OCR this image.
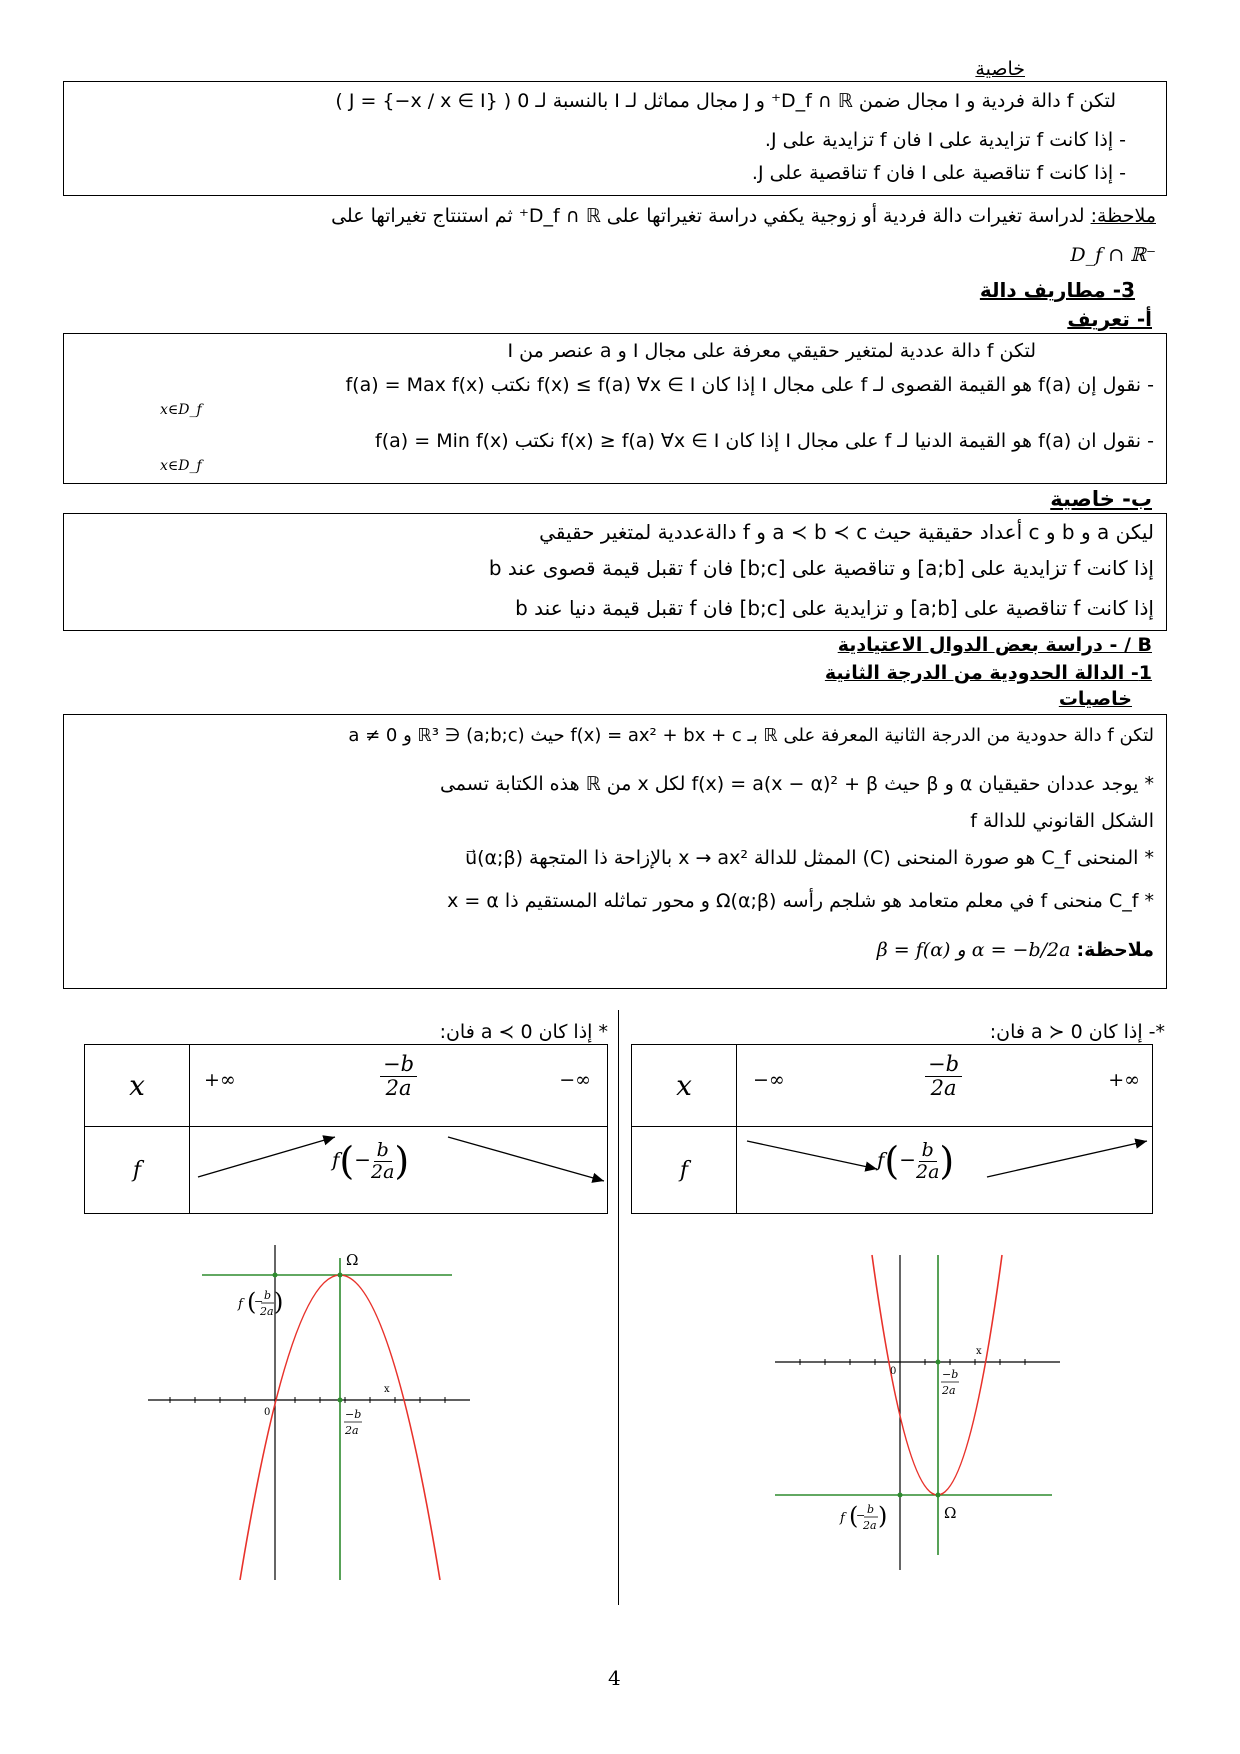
خاصية
لتكن f دالة فردية و I مجال ضمن D_f ∩ ℝ⁺ و J مجال مماثل لـ I بالنسبة لـ 0 ( J = {−x / x ∈ I} )
- إذا كانت f تزايدية على I فان f تزايدية على J.
- إذا كانت f تناقصية على I فان f تناقصية على J.
ملاحظة: لدراسة تغيرات دالة فردية أو زوجية يكفي دراسة تغيراتها على D_f ∩ ℝ⁺ ثم استنتاج تغيراتها على
D_f ∩ ℝ⁻
3- مطاريف دالة
أ- تعريف
لتكن f دالة عددية لمتغير حقيقي معرفة على مجال I و a عنصر من I
- نقول إن f(a) هو القيمة القصوى لـ f على مجال I إذا كان f(x) ≤ f(a) ∀x ∈ I نكتب f(a) = Max f(x)
x∈D_f
- نقول ان f(a) هو القيمة الدنيا لـ f على مجال I إذا كان f(x) ≥ f(a) ∀x ∈ I نكتب f(a) = Min f(x)
x∈D_f
ب- خاصية
ليكن a و b و c أعداد حقيقية حيث a ≺ b ≺ c و f دالةعددية لمتغير حقيقي
إذا كانت f تزايدية على [a;b] و تناقصية على [b;c] فان f تقبل قيمة قصوى عند b
إذا كانت f تناقصية على [a;b] و تزايدية على [b;c] فان f تقبل قيمة دنيا عند b
B / - دراسة بعض الدوال الاعتيادية
1- الدالة الحدودية من الدرجة الثانية
خاصيات
لتكن f دالة حدودية من الدرجة الثانية المعرفة على ℝ بـ f(x) = ax² + bx + c حيث (a;b;c) ∈ ℝ³ و a ≠ 0
* يوجد عددان حقيقيان α و β حيث f(x) = a(x − α)² + β لكل x من ℝ هذه الكتابة تسمى
الشكل القانوني للدالة f
* المنحنى C_f هو صورة المنحنى (C) الممثل للدالة x → ax² بالإزاحة ذا المتجهة u⃗(α;β)
* C_f منحنى f في معلم متعامد هو شلجم رأسه Ω(α;β) و محور تماثله المستقيم ذا x = α
ملاحظة: α = −b/2a و β = f(α)
*- إذا كان a ≻ 0 فان:
x	−∞ $\frac{-b}{2a}$ +∞

f	$f(- \frac{b}{2a}$ )
* إذا كان a ≺ 0 فان:
x	+∞ $\frac{-b}{2a}$ −∞

f	$f(- \frac{b}{2a}$ )
Ω
0
x
−b
2a
f (
− b
2a )
Ω
0
x
−b
2a
f (
− b
2a )
4
